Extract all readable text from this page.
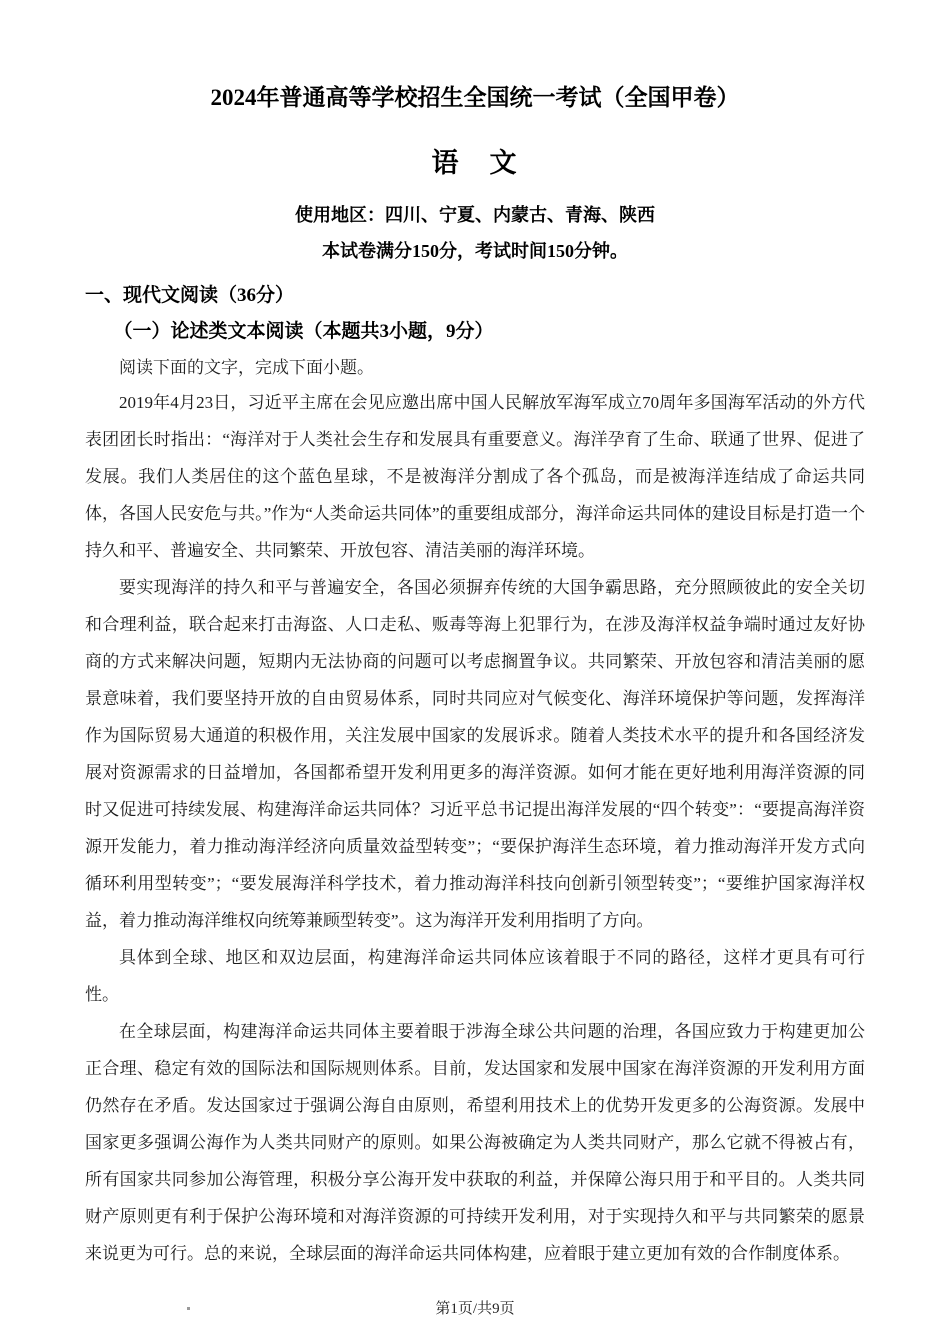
2024年普通高等学校招生全国统一考试（全国甲卷）
语　文
使用地区：四川、宁夏、内蒙古、青海、陕西
本试卷满分150分，考试时间150分钟。
一、现代文阅读（36分）
（一）论述类文本阅读（本题共3小题，9分）
阅读下面的文字，完成下面小题。

2019年4月23日，习近平主席在会见应邀出席中国人民解放军海军成立70周年多国海军活动的外方代表团团长时指出：“海洋对于人类社会生存和发展具有重要意义。海洋孕育了生命、联通了世界、促进了发展。我们人类居住的这个蓝色星球，不是被海洋分割成了各个孤岛，而是被海洋连结成了命运共同体，各国人民安危与共。”作为“人类命运共同体”的重要组成部分，海洋命运共同体的建设目标是打造一个持久和平、普遍安全、共同繁荣、开放包容、清洁美丽的海洋环境。

要实现海洋的持久和平与普遍安全，各国必须摒弃传统的大国争霸思路，充分照顾彼此的安全关切和合理利益，联合起来打击海盗、人口走私、贩毒等海上犯罪行为，在涉及海洋权益争端时通过友好协商的方式来解决问题，短期内无法协商的问题可以考虑搁置争议。共同繁荣、开放包容和清洁美丽的愿景意味着，我们要坚持开放的自由贸易体系，同时共同应对气候变化、海洋环境保护等问题，发挥海洋作为国际贸易大通道的积极作用，关注发展中国家的发展诉求。随着人类技术水平的提升和各国经济发展对资源需求的日益增加，各国都希望开发利用更多的海洋资源。如何才能在更好地利用海洋资源的同时又促进可持续发展、构建海洋命运共同体？习近平总书记提出海洋发展的“四个转变”：“要提高海洋资源开发能力，着力推动海洋经济向质量效益型转变”；“要保护海洋生态环境，着力推动海洋开发方式向循环利用型转变”；“要发展海洋科学技术，着力推动海洋科技向创新引领型转变”；“要维护国家海洋权益，着力推动海洋维权向统筹兼顾型转变”。这为海洋开发利用指明了方向。

具体到全球、地区和双边层面，构建海洋命运共同体应该着眼于不同的路径，这样才更具有可行性。

在全球层面，构建海洋命运共同体主要着眼于涉海全球公共问题的治理，各国应致力于构建更加公正合理、稳定有效的国际法和国际规则体系。目前，发达国家和发展中国家在海洋资源的开发利用方面仍然存在矛盾。发达国家过于强调公海自由原则，希望利用技术上的优势开发更多的公海资源。发展中国家更多强调公海作为人类共同财产的原则。如果公海被确定为人类共同财产，那么它就不得被占有，所有国家共同参加公海管理，积极分享公海开发中获取的利益，并保障公海只用于和平目的。人类共同财产原则更有利于保护公海环境和对海洋资源的可持续开发利用，对于实现持久和平与共同繁荣的愿景来说更为可行。总的来说，全球层面的海洋命运共同体构建，应着眼于建立更加有效的合作制度体系。

第1页/共9页
